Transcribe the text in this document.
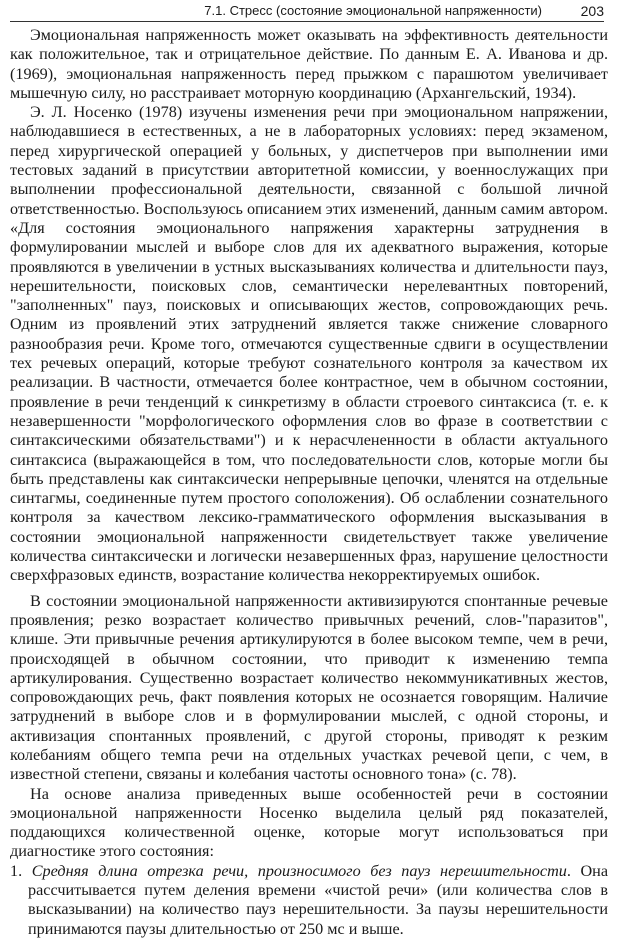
7.1. Стресс (состояние эмоциональной напряженности)	203

Эмоциональная напряженность может оказывать на эффективность деятельности как положительное, так и отрицательное действие. По данным Е. А. Иванова и др. (1969), эмоциональная напряженность перед прыжком с парашютом увеличивает мышечную силу, но расстраивает моторную координацию (Архангельский, 1934).

Э. Л. Носенко (1978) изучены изменения речи при эмоциональном напряжении, наблюдавшиеся в естественных, а не в лабораторных условиях: перед экзаменом, перед хирургической операцией у больных, у диспетчеров при выполнении ими тестовых заданий в присутствии авторитетной комиссии, у военнослужащих при выполнении профессиональной деятельности, связанной с большой личной ответственностью. Воспользуюсь описанием этих изменений, данным самим автором. «Для состояния эмоционального напряжения характерны затруднения в формулировании мыслей и выборе слов для их адекватного выражения, которые проявляются в увеличении в устных высказываниях количества и длительности пауз, нерешительности, поисковых слов, семантически нерелевантных повторений, "заполненных" пауз, поисковых и описывающих жестов, сопровождающих речь. Одним из проявлений этих затруднений является также снижение словарного разнообразия речи. Кроме того, отмечаются существенные сдвиги в осуществлении тех речевых операций, которые требуют сознательного контроля за качеством их реализации. В частности, отмечается более контрастное, чем в обычном состоянии, проявление в речи тенденций к синкретизму в области строевого синтаксиса (т. е. к незавершенности "морфологического оформления слов во фразе в соответствии с синтаксическими обязательствами") и к нерасчлененности в области актуального синтаксиса (выражающейся в том, что последовательности слов, которые могли бы быть представлены как синтаксически непрерывные цепочки, членятся на отдельные синтагмы, соединенные путем простого соположения). Об ослаблении сознательного контроля за качеством лексико-грамматического оформления высказывания в состоянии эмоциональной напряженности свидетельствует также увеличение количества синтаксически и логически незавершенных фраз, нарушение целостности сверхфразовых единств, возрастание количества некорректируемых ошибок.

В состоянии эмоциональной напряженности активизируются спонтанные речевые проявления; резко возрастает количество привычных речений, слов-"паразитов", клише. Эти привычные речения артикулируются в более высоком темпе, чем в речи, происходящей в обычном состоянии, что приводит к изменению темпа артикулирования. Существенно возрастает количество некоммуникативных жестов, сопровождающих речь, факт появления которых не осознается говорящим. Наличие затруднений в выборе слов и в формулировании мыслей, с одной стороны, и активизация спонтанных проявлений, с другой стороны, приводят к резким колебаниям общего темпа речи на отдельных участках речевой цепи, с чем, в известной степени, связаны и колебания частоты основного тона» (с. 78).

На основе анализа приведенных выше особенностей речи в состоянии эмоциональной напряженности Носенко выделила целый ряд показателей, поддающихся количественной оценке, которые могут использоваться при диагностике этого состояния:

1. Средняя длина отрезка речи, произносимого без пауз нерешительности. Она рассчитывается путем деления времени «чистой речи» (или количества слов в высказывании) на количество пауз нерешительности. За паузы нерешительности принимаются паузы длительностью от 250 мс и выше.
